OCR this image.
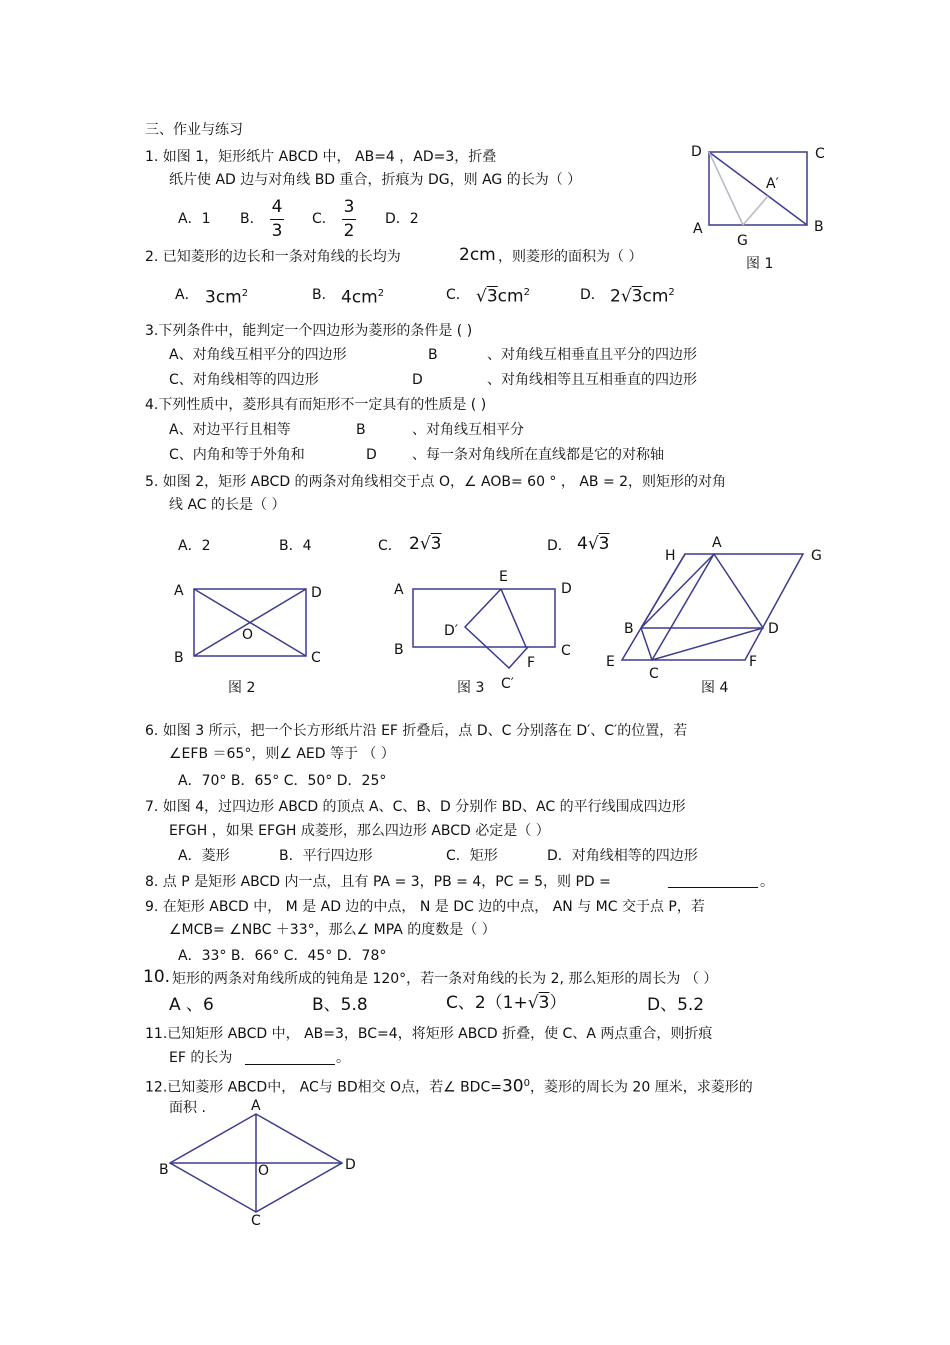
三、作业与练习
1. 如图 1，矩形纸片 ABCD 中， AB=4 ，AD=3，折叠
纸片使 AD 边与对角线 BD 重合，折痕为 DG，则 AG 的长为（ ）
A．1 B．
4
3
C．
3
2
D．2
2. 已知菱形的边长和一条对角线的长均为	2cm ，则菱形的面积为（ ）
A． $3cm^2$	B． $4cm^2$	C． $√3cm^2$	D． $2√3cm^2$
3.下列条件中，能判定一个四边形为菱形的条件是 ( )
A、对角线互相平分的四边形	B	、对角线互相垂直且平分的四边形
C、对角线相等的四边形	D	、对角线相等且互相垂直的四边形
4.下列性质中，菱形具有而矩形不一定具有的性质是 ( )
A、对边平行且相等	B	、对角线互相平分
C、内角和等于外角和	D	、每一条对角线所在直线都是它的对称轴
5. 如图 2，矩形 ABCD 的两条对角线相交于点 O，∠ AOB= 60 ° ， AB = 2，则矩形的对角
线 AC 的长是（ ）
A．2	B．4	C． 2√3	D． 4√3
6. 如图 3 所示，把一个长方形纸片沿 EF 折叠后，点 D、C 分别落在 D′、C′的位置，若
∠EFB ＝65°，则∠ AED 等于 （ ）
A．70° B．65° C．50° D．25°
7. 如图 4，过四边形 ABCD 的顶点 A、C、B、D 分别作 BD、AC 的平行线围成四边形
EFGH ，如果 EFGH 成菱形，那么四边形 ABCD 必定是（ ）
A．菱形	B．平行四边形	C．矩形	D．对角线相等的四边形
8. 点 P 是矩形 ABCD 内一点，且有 PA = 3，PB = 4，PC = 5，则 PD =	。
9. 在矩形 ABCD 中， M 是 AD 边的中点， N 是 DC 边的中点， AN 与 MC 交于点 P，若
∠MCB= ∠NBC ＋33°，那么∠ MPA 的度数是（ ）
A．33° B．66° C．45° D．78°
10. 矩形的两条对角线所成的钝角是 120°，若一条对角线的长为 2, 那么矩形的周长为 （ ）
A 、6	B、5.8	C、2（1+√3）	D、5.2
11.已知矩形 ABCD 中， AB=3，BC=4，将矩形 ABCD 折叠，使 C、A 两点重合，则折痕
EF 的长为	。
12.已知菱形 ABCD中， AC与 BD相交 O点，若∠ $BDC=30^0$，菱形的周长为 20 厘米，求菱形的
面积 .
D	C
A′
A	B
G
图 1
A	D
O
B	C
图 2
A
E
D
D′
B	C
F
C′
图 3
A
H	G
B	D
E	F
C
图 4
A
B	O	D
C
